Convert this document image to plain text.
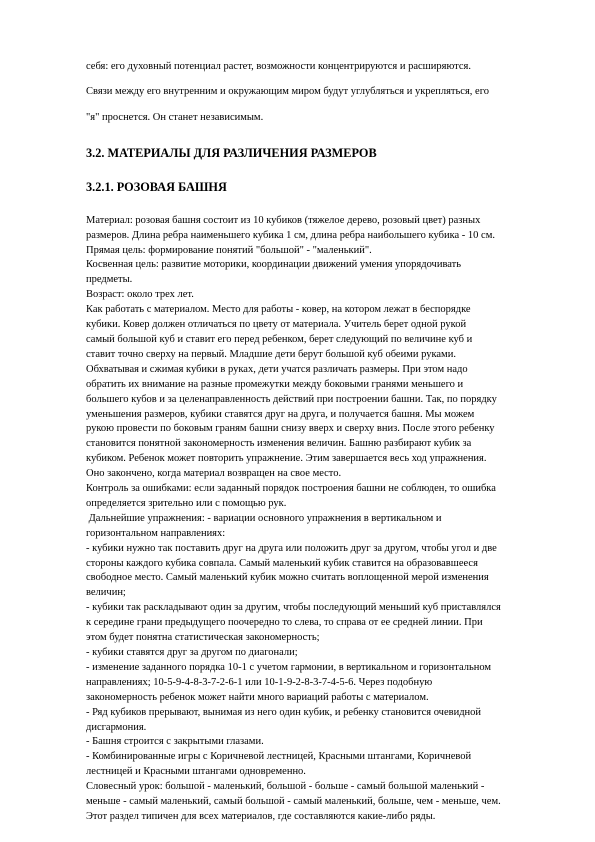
себя: его духовный потенциал растет, возможности концентрируются и расширяются.

Связи между его внутренним и окружающим миром будут углубляться и укрепляться, его

"я" проснется. Он станет независимым.

3.2. МАТЕРИАЛЫ ДЛЯ РАЗЛИЧЕНИЯ РАЗМЕРОВ
3.2.1. РОЗОВАЯ БАШНЯ

Материал: розовая башня состоит из 10 кубиков (тяжелое дерево, розовый цвет) разных

размеров. Длина ребра наименьшего кубика 1 см, длина ребра наибольшего кубика - 10 см.

Прямая цель: формирование понятий "большой" - "маленький".

Косвенная цель: развитие моторики, координации движений умения упорядочивать

предметы.

Возраст: около трех лет.

Как работать с материалом. Место для работы - ковер, на котором лежат в беспорядке

кубики. Ковер должен отличаться по цвету от материала. Учитель берет одной рукой

самый большой куб и ставит его перед ребенком, берет следующий по величине куб и

ставит точно сверху на первый. Младшие дети берут большой куб обеими руками.

Обхватывая и сжимая кубики в руках, дети учатся различать размеры. При этом надо

обратить их внимание на разные промежутки между боковыми гранями меньшего и

большего кубов и за целенаправленность действий при построении башни. Так, по порядку

уменьшения размеров, кубики ставятся друг на друга, и получается башня. Мы можем

рукою провести по боковым граням башни снизу вверх и сверху вниз. После этого ребенку

становится понятной закономерность изменения величин. Башню разбирают кубик за

кубиком. Ребенок может повторить упражнение. Этим завершается весь ход упражнения.

Оно закончено, когда материал возвращен на свое место.

Контроль за ошибками: если заданный порядок построения башни не соблюден, то ошибка

определяется зрительно или с помощью рук.

Дальнейшие упражнения: - вариации основного упражнения в вертикальном и

горизонтальном направлениях:

- кубики нужно так поставить друг на друга или положить друг за другом, чтобы угол и две

стороны каждого кубика совпала. Самый маленький кубик ставится на образовавшееся

свободное место. Самый маленький кубик можно считать воплощенной мерой изменения

величин;

- кубики так раскладывают один за другим, чтобы последующий меньший куб приставлялся

к середине грани предыдущего поочередно то слева, то справа от ее средней линии. При

этом будет понятна статистическая закономерность;

- кубики ставятся друг за другом по диагонали;

- изменение заданного порядка 10-1 с учетом гармонии, в вертикальном и горизонтальном

направлениях; 10-5-9-4-8-3-7-2-6-1 или 10-1-9-2-8-3-7-4-5-6. Через подобную

закономерность ребенок может найти много вариаций работы с материалом.

- Ряд кубиков прерывают, вынимая из него один кубик, и ребенку становится очевидной

дисгармония.

- Башня строится с закрытыми глазами.

- Комбинированные игры с Коричневой лестницей, Красными штангами, Коричневой

лестницей и Красными штангами одновременно.

Словесный урок: большой - маленький, большой - больше - самый большой маленький -

меньше - самый маленький, самый большой - самый маленький, больше, чем - меньше, чем.

Этот раздел типичен для всех материалов, где составляются какие-либо ряды.
